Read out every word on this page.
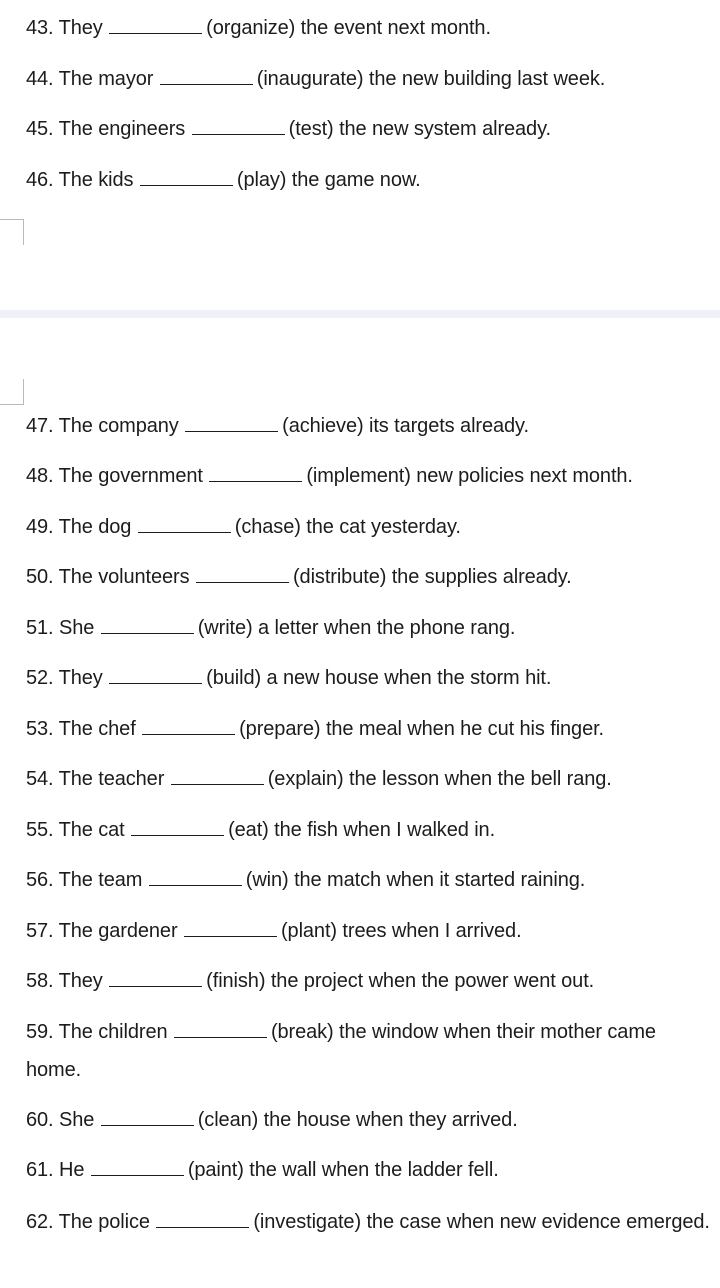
43. They	(organize) the event next month.
44. The mayor	(inaugurate) the new building last week.
45. The engineers	(test) the new system already.
46. The kids	(play) the game now.
47. The company	(achieve) its targets already.
48. The government	(implement) new policies next month.
49. The dog	(chase) the cat yesterday.
50. The volunteers	(distribute) the supplies already.
51. She	(write) a letter when the phone rang.
52. They	(build) a new house when the storm hit.
53. The chef	(prepare) the meal when he cut his finger.
54. The teacher	(explain) the lesson when the bell rang.
55. The cat	(eat) the fish when I walked in.
56. The team	(win) the match when it started raining.
57. The gardener	(plant) trees when I arrived.
58. They	(finish) the project when the power went out.
59. The children	(break) the window when their mother came home.
60. She	(clean) the house when they arrived.
61. He	(paint) the wall when the ladder fell.
62. The police	(investigate) the case when new evidence emerged.
